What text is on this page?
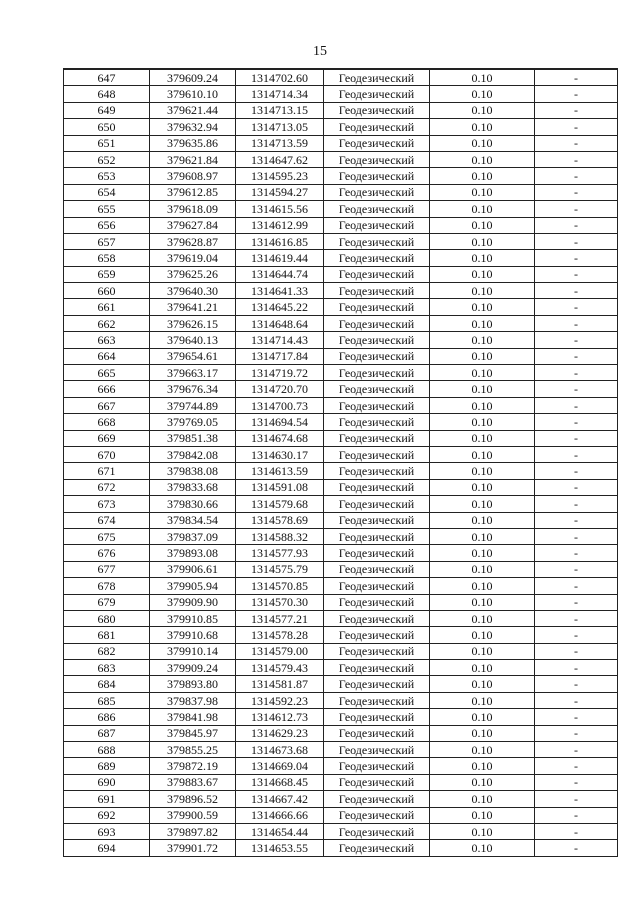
15
647	379609.24	1314702.60	Геодезический	0.10	-
648	379610.10	1314714.34	Геодезический	0.10	-
649	379621.44	1314713.15	Геодезический	0.10	-
650	379632.94	1314713.05	Геодезический	0.10	-
651	379635.86	1314713.59	Геодезический	0.10	-
652	379621.84	1314647.62	Геодезический	0.10	-
653	379608.97	1314595.23	Геодезический	0.10	-
654	379612.85	1314594.27	Геодезический	0.10	-
655	379618.09	1314615.56	Геодезический	0.10	-
656	379627.84	1314612.99	Геодезический	0.10	-
657	379628.87	1314616.85	Геодезический	0.10	-
658	379619.04	1314619.44	Геодезический	0.10	-
659	379625.26	1314644.74	Геодезический	0.10	-
660	379640.30	1314641.33	Геодезический	0.10	-
661	379641.21	1314645.22	Геодезический	0.10	-
662	379626.15	1314648.64	Геодезический	0.10	-
663	379640.13	1314714.43	Геодезический	0.10	-
664	379654.61	1314717.84	Геодезический	0.10	-
665	379663.17	1314719.72	Геодезический	0.10	-
666	379676.34	1314720.70	Геодезический	0.10	-
667	379744.89	1314700.73	Геодезический	0.10	-
668	379769.05	1314694.54	Геодезический	0.10	-
669	379851.38	1314674.68	Геодезический	0.10	-
670	379842.08	1314630.17	Геодезический	0.10	-
671	379838.08	1314613.59	Геодезический	0.10	-
672	379833.68	1314591.08	Геодезический	0.10	-
673	379830.66	1314579.68	Геодезический	0.10	-
674	379834.54	1314578.69	Геодезический	0.10	-
675	379837.09	1314588.32	Геодезический	0.10	-
676	379893.08	1314577.93	Геодезический	0.10	-
677	379906.61	1314575.79	Геодезический	0.10	-
678	379905.94	1314570.85	Геодезический	0.10	-
679	379909.90	1314570.30	Геодезический	0.10	-
680	379910.85	1314577.21	Геодезический	0.10	-
681	379910.68	1314578.28	Геодезический	0.10	-
682	379910.14	1314579.00	Геодезический	0.10	-
683	379909.24	1314579.43	Геодезический	0.10	-
684	379893.80	1314581.87	Геодезический	0.10	-
685	379837.98	1314592.23	Геодезический	0.10	-
686	379841.98	1314612.73	Геодезический	0.10	-
687	379845.97	1314629.23	Геодезический	0.10	-
688	379855.25	1314673.68	Геодезический	0.10	-
689	379872.19	1314669.04	Геодезический	0.10	-
690	379883.67	1314668.45	Геодезический	0.10	-
691	379896.52	1314667.42	Геодезический	0.10	-
692	379900.59	1314666.66	Геодезический	0.10	-
693	379897.82	1314654.44	Геодезический	0.10	-
694	379901.72	1314653.55	Геодезический	0.10	-
